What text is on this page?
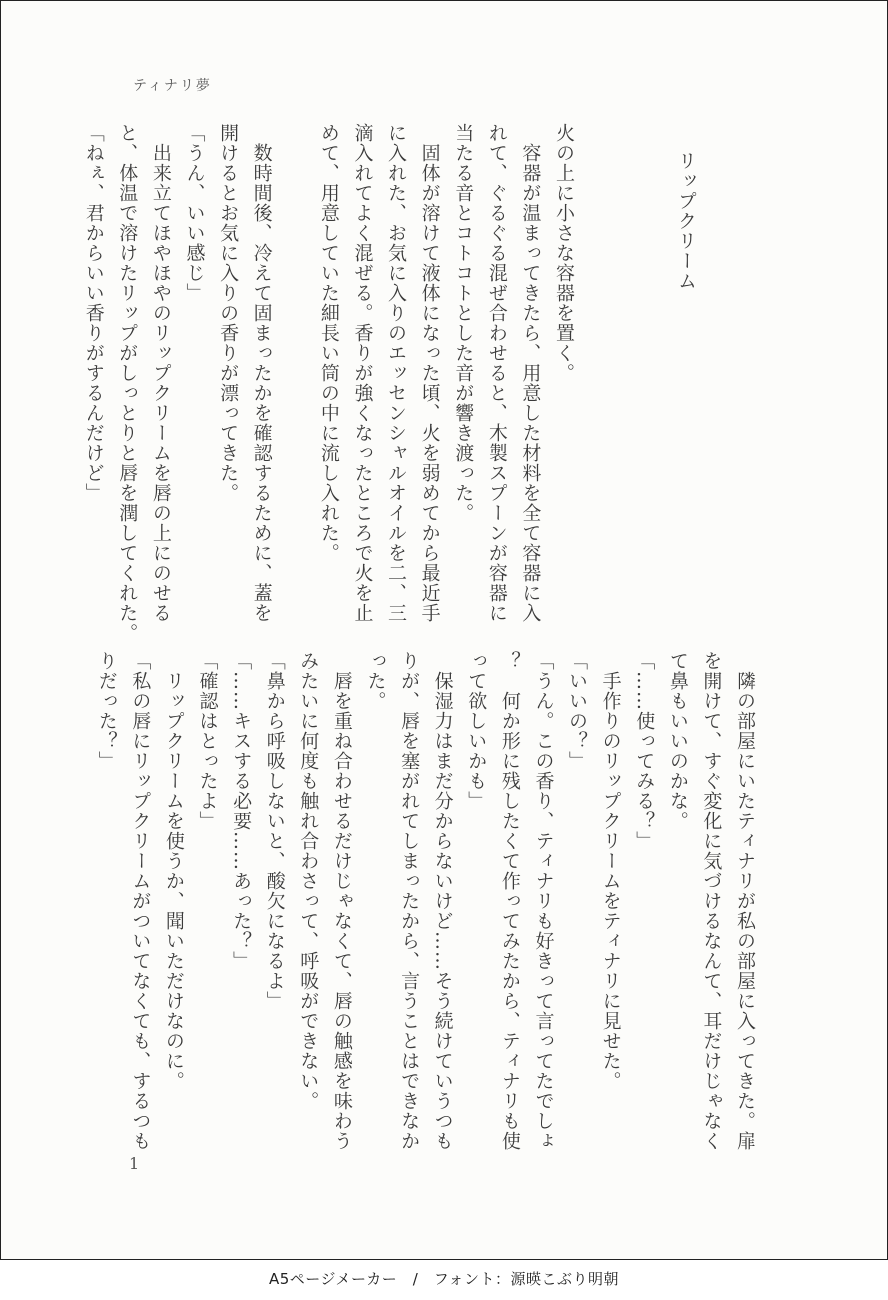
ティナリ夢
リップクリーム
火の上に小さな容器を置く。
　容器が温まってきたら、用意した材料を全て容器に入
れて、ぐるぐる混ぜ合わせると、木製スプーンが容器に
当たる音とコトコトとした音が響き渡った。
　固体が溶けて液体になった頃、火を弱めてから最近手
に入れた、お気に入りのエッセンシャルオイルを二、三
滴入れてよく混ぜる。香りが強くなったところで火を止
めて、用意していた細長い筒の中に流し入れた。

　数時間後、冷えて固まったかを確認するために、蓋を
開けるとお気に入りの香りが漂ってきた。
「うん、いい感じ」
　出来立てほやほやのリップクリームを唇の上にのせる
と、体温で溶けたリップがしっとりと唇を潤してくれた。
「ねぇ、君からいい香りがするんだけど」
　隣の部屋にいたティナリが私の部屋に入ってきた。扉
を開けて、すぐ変化に気づけるなんて、耳だけじゃなく
て鼻もいいのかな。
「……使ってみる？」
　手作りのリップクリームをティナリに見せた。
「いいの？」
「うん。この香り、ティナリも好きって言ってたでしょ
？　何か形に残したくて作ってみたから、ティナリも使
って欲しいかも」
　保湿力はまだ分からないけど……そう続けていうつも
りが、唇を塞がれてしまったから、言うことはできなか
った。
　唇を重ね合わせるだけじゃなくて、唇の触感を味わう
みたいに何度も触れ合わさって、呼吸ができない。
「鼻から呼吸しないと、酸欠になるよ」
「……キスする必要……あった？」
「確認はとったよ」
　リップクリームを使うか、聞いただけなのに。
「私の唇にリップクリームがついてなくても、するつも
りだった？」
1
A5ページメーカー　/　フォント：源暎こぶり明朝
